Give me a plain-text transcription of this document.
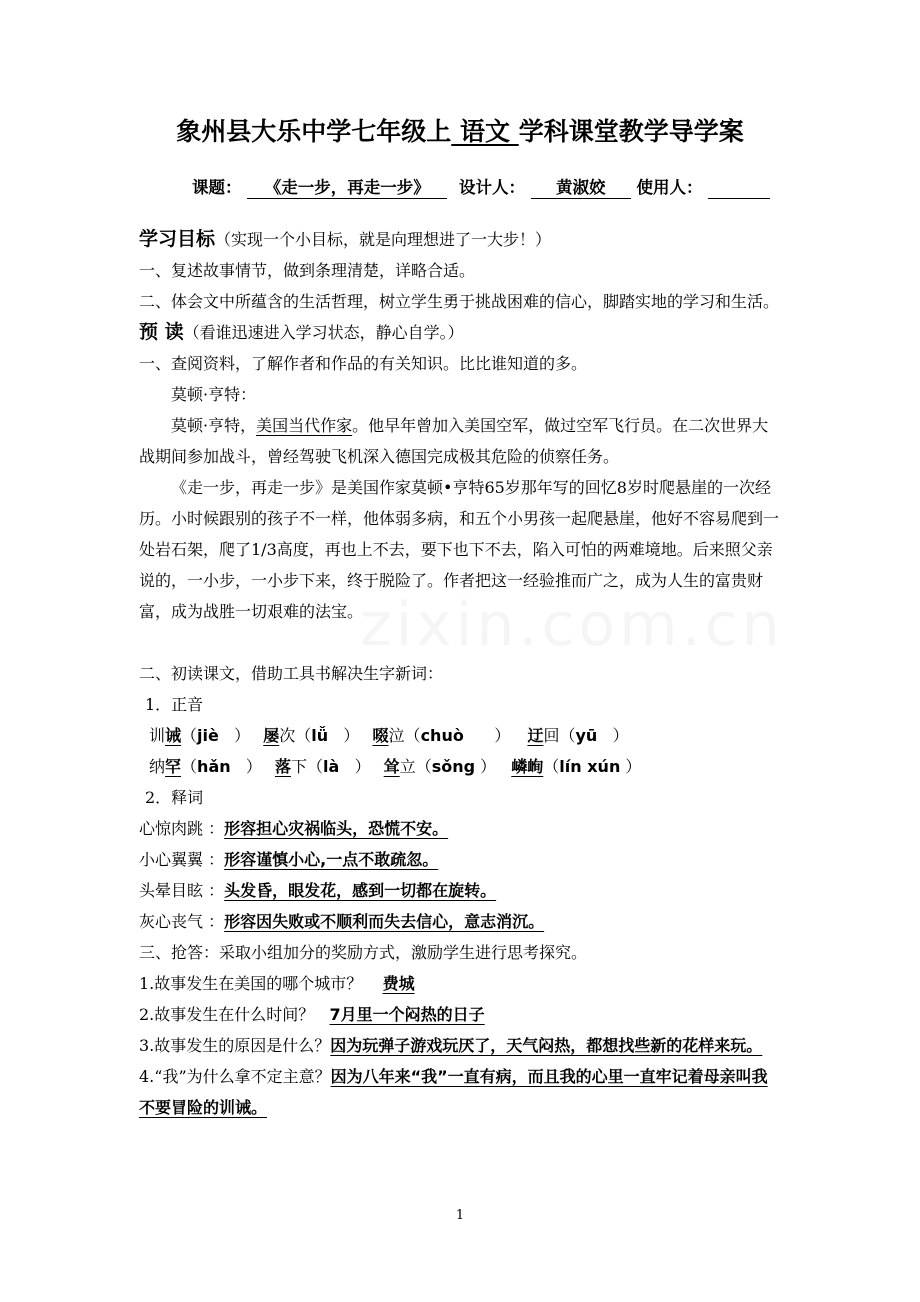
象州县大乐中学七年级上 语文 学科课堂教学导学案
课题： 《走一步，再走一步》 设计人： 黄淑姣 使用人：

学习目标（实现一个小目标，就是向理想进了一大步！）

一、复述故事情节，做到条理清楚，详略合适。

二、体会文中所蕴含的生活哲理，树立学生勇于挑战困难的信心，脚踏实地的学习和生活。

预 读（看谁迅速进入学习状态，静心自学。）

一、查阅资料，了解作者和作品的有关知识。比比谁知道的多。

莫顿·亨特：

莫顿·亨特，美国当代作家。他早年曾加入美国空军，做过空军飞行员。在二次世界大战期间参加战斗，曾经驾驶飞机深入德国完成极其危险的侦察任务。

《走一步，再走一步》是美国作家莫顿•亨特65岁那年写的回忆8岁时爬悬崖的一次经历。小时候跟别的孩子不一样，他体弱多病，和五个小男孩一起爬悬崖，他好不容易爬到一处岩石架，爬了1/3高度，再也上不去，要下也下不去，陷入可怕的两难境地。后来照父亲说的，一小步，一小步下来，终于脱险了。作者把这一经验推而广之，成为人生的富贵财富，成为战胜一切艰难的法宝。

二、初读课文，借助工具书解决生字新词：

1．正音

训诫（jiè   ） 屡次（lǚ   ） 啜泣（chuò      ） 迂回（yū   ）

纳罕（hǎn   ） 落下（là   ） 耸立（sǒng ） 嶙峋（lín xún ）

2．释词

心惊肉跳 ：形容担心灾祸临头，恐慌不安。

小心翼翼 ：形容谨慎小心,一点不敢疏忽。

头晕目眩 ：头发昏，眼发花，感到一切都在旋转。

灰心丧气 ：形容因失败或不顺利而失去信心，意志消沉。

三、抢答：采取小组加分的奖励方式，激励学生进行思考探究。

1.故事发生在美国的哪个城市？ 费城

2.故事发生在什么时间？ 7月里一个闷热的日子

3.故事发生的原因是什么？因为玩弹子游戏玩厌了，天气闷热，都想找些新的花样来玩。

4.“我”为什么拿不定主意？因为八年来“我”一直有病，而且我的心里一直牢记着母亲叫我不要冒险的训诫。

1
